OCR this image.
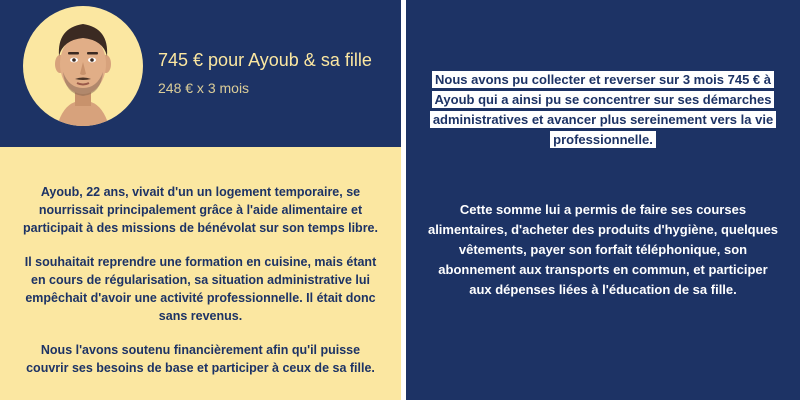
745 € pour Ayoub & sa fille
248 € x 3 mois

Ayoub, 22 ans, vivait d'un un logement temporaire, se nourrissait principalement grâce à l'aide alimentaire et participait à des missions de bénévolat sur son temps libre.

Il souhaitait reprendre une formation en cuisine, mais étant en cours de régularisation, sa situation administrative lui empêchait d'avoir une activité professionnelle. Il était donc sans revenus.

Nous l'avons soutenu financièrement afin qu'il puisse couvrir ses besoins de base et participer à ceux de sa fille.

Nous avons pu collecter et reverser sur 3 mois 745 € à Ayoub qui a ainsi pu se concentrer sur ses démarches administratives et avancer plus sereinement vers la vie professionnelle.
Cette somme lui a permis de faire ses courses alimentaires, d'acheter des produits d'hygiène, quelques vêtements, payer son forfait téléphonique, son abonnement aux transports en commun, et participer aux dépenses liées à l'éducation de sa fille.
